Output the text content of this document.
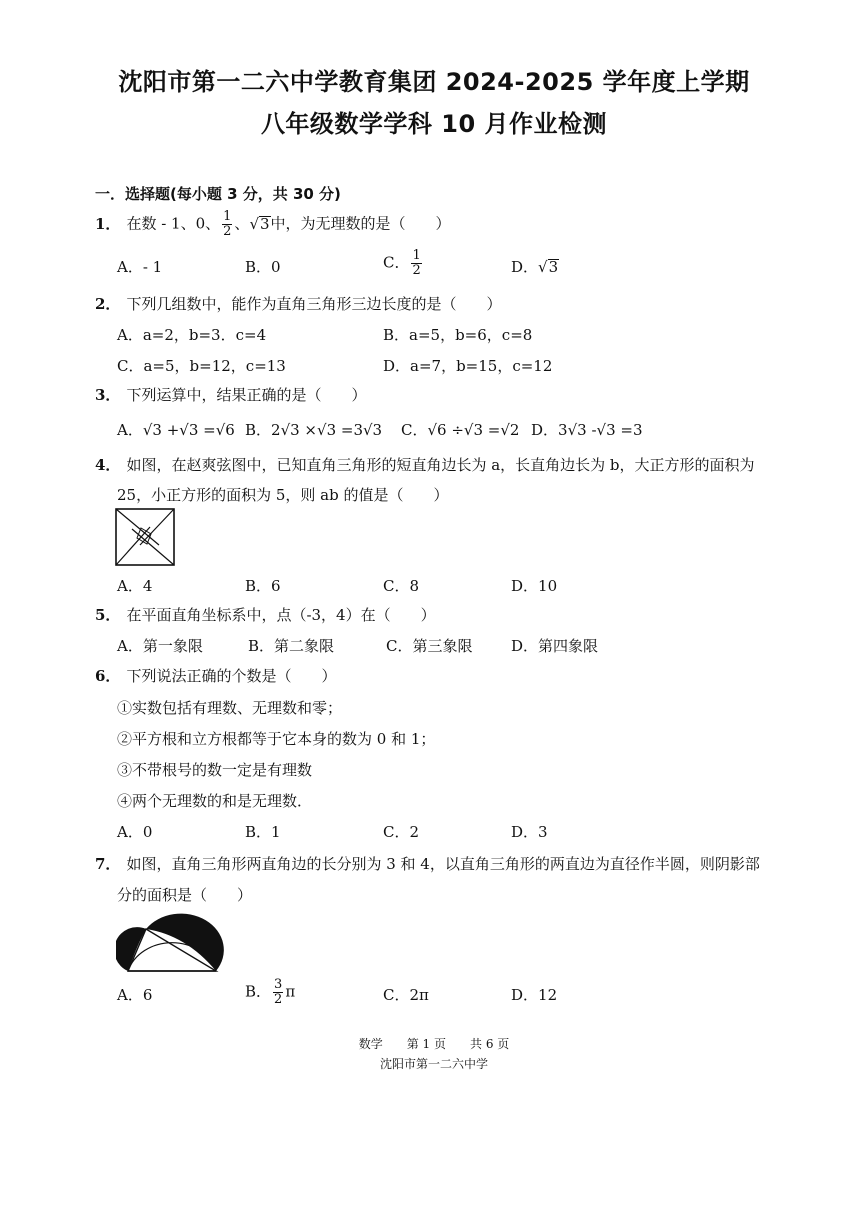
沈阳市第一二六中学教育集团 2024-2025 学年度上学期
八年级数学学科 10 月作业检测
一．选择题(每小题 3 分，共 30 分)
1． 在数 - 1、0、 $\frac{1}{2}$ 、√3中，为无理数的是（　　）
A．- 1	B．0	C． $\frac{1}{2}$	D．√3
2． 下列几组数中，能作为直角三角形三边长度的是（　　）
A．a=2，b=3．c=4	B．a=5，b=6，c=8
C．a=5，b=12，c=13	D．a=7，b=15，c=12
3． 下列运算中，结果正确的是（　　）
A．√3 +√3 =√6 B．2√3 ×√3 =3√3 C．√6 ÷√3 =√2 D．3√3 -√3 =3
4． 如图，在赵爽弦图中，已知直角三角形的短直角边长为 a，长直角边长为 b，大正方形的面积为
25，小正方形的面积为 5，则 ab 的值是（　　）
A．4	B．6	C．8	D．10
5． 在平面直角坐标系中，点（-3，4）在（　　）
A．第一象限	B．第二象限	C．第三象限	D．第四象限
6． 下列说法正确的个数是（　　）
①实数包括有理数、无理数和零；
②平方根和立方根都等于它本身的数为 0 和 1；
③不带根号的数一定是有理数
④两个无理数的和是无理数．
A．0	B．1	C．2	D．3
7． 如图，直角三角形两直角边的长分别为 3 和 4，以直角三角形的两直边为直径作半圆，则阴影部
分的面积是（　　）
A．6	B． $\frac{3}{2}$ π	C．2π	D．12
数学　　第 1 页　　共 6 页
沈阳市第一二六中学
